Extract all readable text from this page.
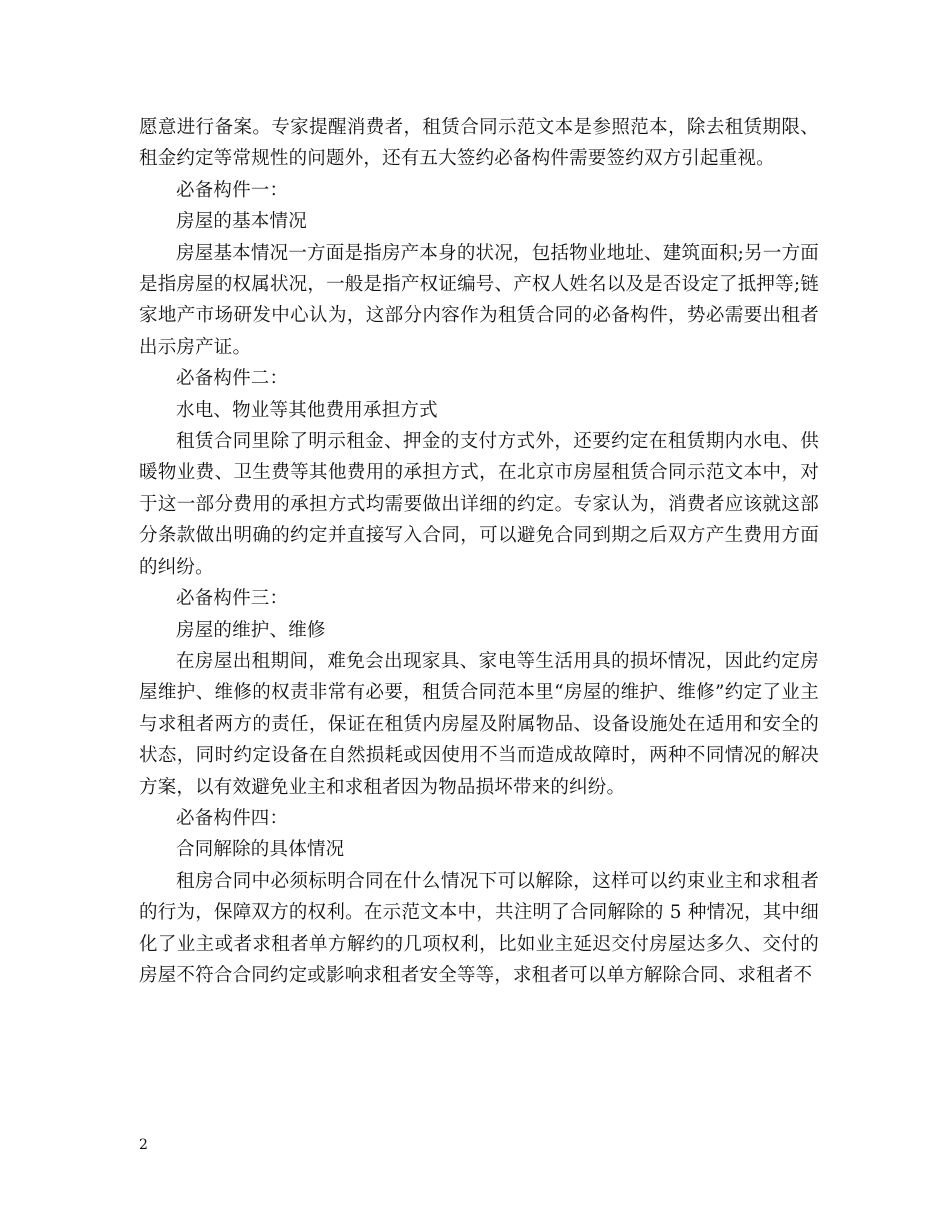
愿意进行备案。专家提醒消费者，租赁合同示范文本是参照范本，除去租赁期限、租金约定等常规性的问题外，还有五大签约必备构件需要签约双方引起重视。

必备构件一：

房屋的基本情况

房屋基本情况一方面是指房产本身的状况，包括物业地址、建筑面积;另一方面是指房屋的权属状况，一般是指产权证编号、产权人姓名以及是否设定了抵押等;链家地产市场研发中心认为，这部分内容作为租赁合同的必备构件，势必需要出租者出示房产证。

必备构件二：

水电、物业等其他费用承担方式

租赁合同里除了明示租金、押金的支付方式外，还要约定在租赁期内水电、供暖物业费、卫生费等其他费用的承担方式，在北京市房屋租赁合同示范文本中，对于这一部分费用的承担方式均需要做出详细的约定。专家认为，消费者应该就这部分条款做出明确的约定并直接写入合同，可以避免合同到期之后双方产生费用方面的纠纷。

必备构件三：

房屋的维护、维修

在房屋出租期间，难免会出现家具、家电等生活用具的损坏情况，因此约定房屋维护、维修的权责非常有必要，租赁合同范本里“房屋的维护、维修”约定了业主与求租者两方的责任，保证在租赁内房屋及附属物品、设备设施处在适用和安全的状态，同时约定设备在自然损耗或因使用不当而造成故障时，两种不同情况的解决方案，以有效避免业主和求租者因为物品损坏带来的纠纷。

必备构件四：

合同解除的具体情况

租房合同中必须标明合同在什么情况下可以解除，这样可以约束业主和求租者的行为，保障双方的权利。在示范文本中，共注明了合同解除的 5 种情况，其中细化了业主或者求租者单方解约的几项权利，比如业主延迟交付房屋达多久、交付的房屋不符合合同约定或影响求租者安全等等，求租者可以单方解除合同、求租者不

2
